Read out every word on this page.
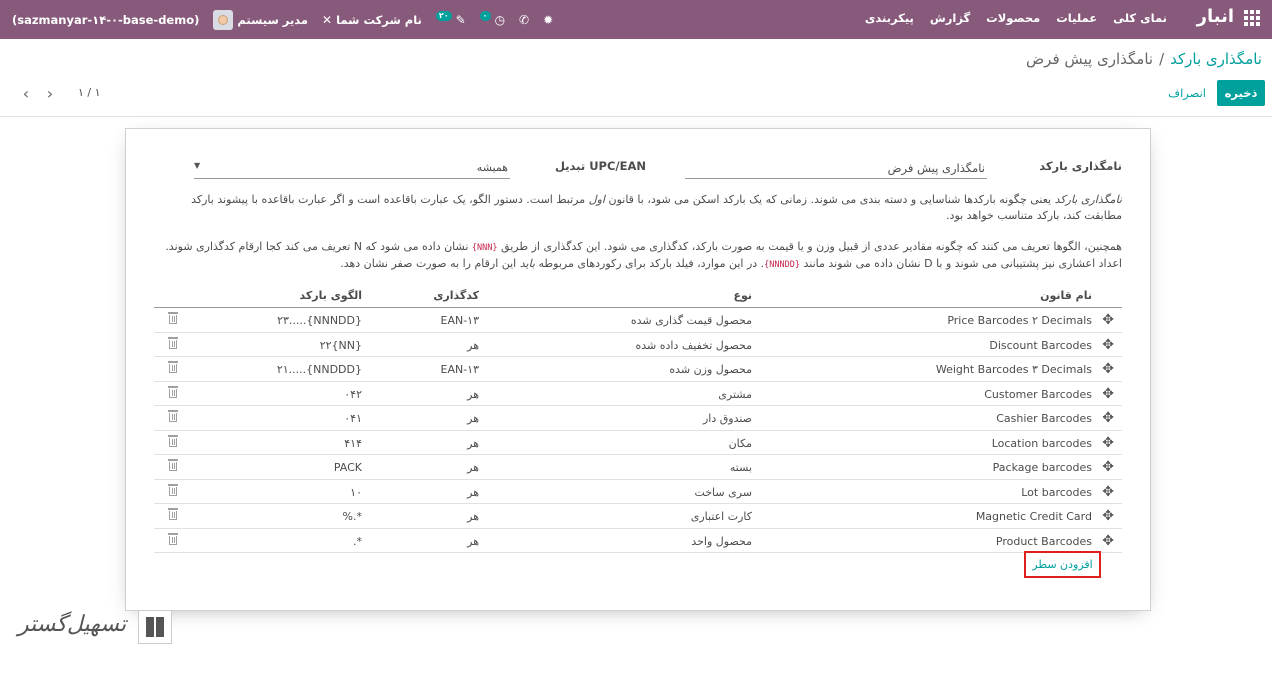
انبار
نمای کلی
عملیات
محصولات
گزارش
پیکربندی
(sazmanyar-۱۴-۰-base-demo)	مدیر سیستم ✕ نام شرکت شما	۲۰ ✎	۰ ◷ ✆ ✹
نامگذاری بارکد
/
نامگذاری پیش فرض
ذخیره
انصراف
۱ / ۱
‹ ›
نامگذاری بارکد
نامگذاری پیش فرض
تبدیل UPC/EAN
همیشه
▼
نامگذاری بارکد یعنی چگونه بارکدها شناسایی و دسته بندی می شوند. زمانی که یک بارکد اسکن می شود، با قانون اول مرتبط است. دستور الگو، یک عبارت باقاعده است و اگر عبارت باقاعده با پیشوند بارکد مطابقت کند، بارکد متناسب خواهد بود.
همچنین، الگوها تعریف می کنند که چگونه مقادیر عددی از قبیل وزن و یا قیمت به صورت بارکد، کدگذاری می شود. این کدگذاری از طریق {NNN} نشان داده می شود که N تعریف می کند کجا ارقام کدگذاری شوند. اعداد اعشاری نیز پشتیبانی می شوند و با D نشان داده می شوند مانند {NNNDD}. در این موارد، فیلد بارکد برای رکوردهای مربوطه باید این ارقام را به صورت صفر نشان دهد.
نام قانون
نوع
کدگذاری
الگوی بارکد
✥
Price Barcodes ۲ Decimals
محصول قیمت گذاری شده
EAN-۱۳
۲۳.....{NNNDD}
✥
Discount Barcodes
محصول تخفیف داده شده
هر
۲۲{NN}
✥
Weight Barcodes ۳ Decimals
محصول وزن شده
EAN-۱۳
۲۱.....{NNDDD}
✥
Customer Barcodes
مشتری
هر
۰۴۲
✥
Cashier Barcodes
صندوق دار
هر
۰۴۱
✥
Location barcodes
مکان
هر
۴۱۴
✥
Package barcodes
بسته
هر
PACK
✥
Lot barcodes
سری ساخت
هر
۱۰
✥
Magnetic Credit Card
کارت اعتباری
هر
%.*
✥
Product Barcodes
محصول واحد
هر
.*
افزودن سطر
تسهیل‌گستر
